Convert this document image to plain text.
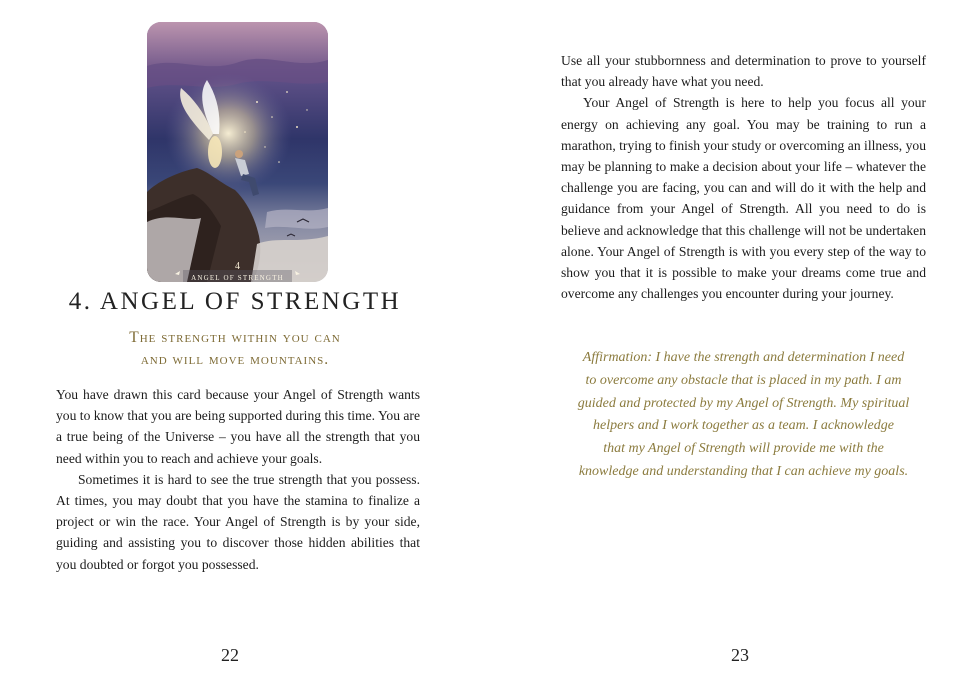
4
ANGEL OF STRENGTH
4. ANGEL OF STRENGTH
The strength within you can
and will move mountains.

You have drawn this card because your Angel of Strength wants you to know that you are being supported during this time. You are a true being of the Universe – you have all the strength that you need within you to reach and achieve your goals.

Sometimes it is hard to see the true strength that you possess. At times, you may doubt that you have the stamina to finalize a project or win the race. Your Angel of Strength is by your side, guiding and assisting you to discover those hidden abilities that you doubted or forgot you possessed.

22

Use all your stubbornness and determination to prove to yourself that you already have what you need.

Your Angel of Strength is here to help you focus all your energy on achieving any goal. You may be training to run a marathon, trying to finish your study or overcoming an illness, you may be planning to make a decision about your life – whatever the challenge you are facing, you can and will do it with the help and guidance from your Angel of Strength. All you need to do is believe and acknowledge that this challenge will not be undertaken alone. Your Angel of Strength is with you every step of the way to show you that it is possible to make your dreams come true and overcome any challenges you encounter during your journey.

Affirmation: I have the strength and determination I need
to overcome any obstacle that is placed in my path. I am
guided and protected by my Angel of Strength. My spiritual
helpers and I work together as a team. I acknowledge
that my Angel of Strength will provide me with the
knowledge and understanding that I can achieve my goals.
23
